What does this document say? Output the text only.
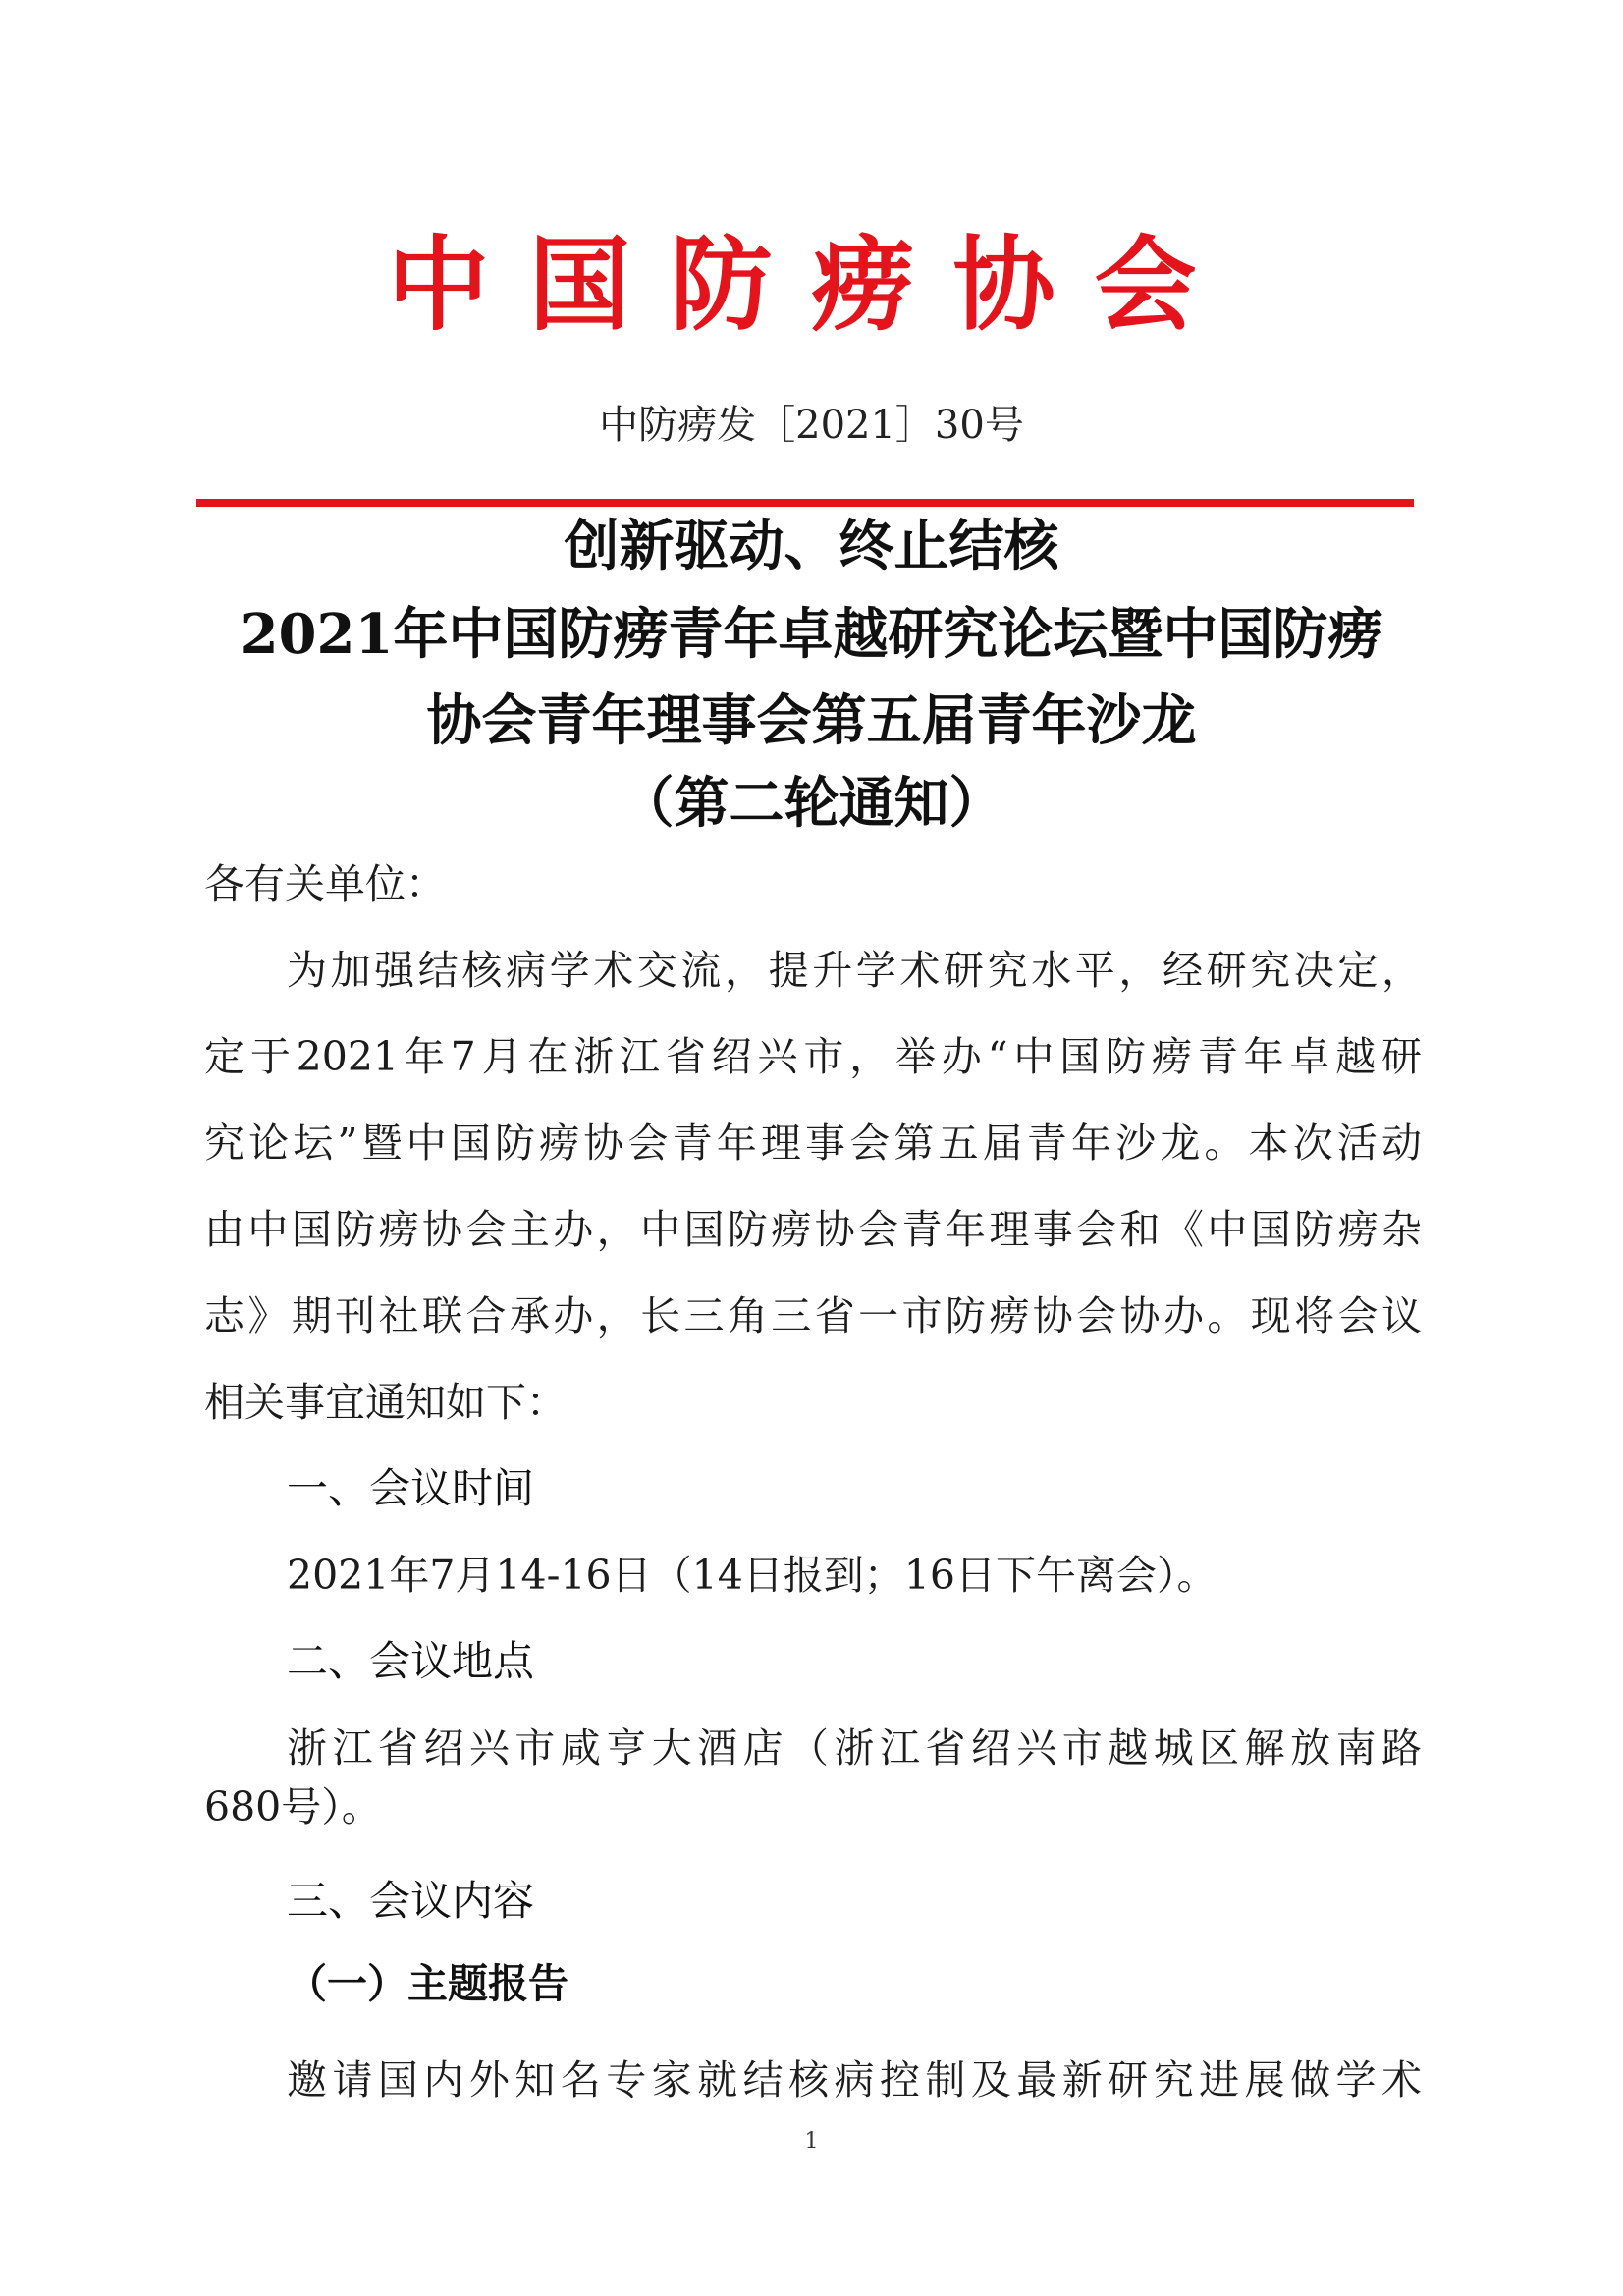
中国防痨协会
中防痨发［2021］30号
创新驱动、终止结核
2021年中国防痨青年卓越研究论坛暨中国防痨
协会青年理事会第五届青年沙龙
（第二轮通知）
各有关单位：
为加强结核病学术交流，提升学术研究水平，经研究决定，
定于2021年7月在浙江省绍兴市，举办“中国防痨青年卓越研
究论坛”暨中国防痨协会青年理事会第五届青年沙龙。本次活动
由中国防痨协会主办，中国防痨协会青年理事会和《中国防痨杂
志》期刊社联合承办，长三角三省一市防痨协会协办。现将会议
相关事宜通知如下：
一、会议时间
2021年7月14-16日（14日报到；16日下午离会）。
二、会议地点
浙江省绍兴市咸亨大酒店（浙江省绍兴市越城区解放南路
680号）。
三、会议内容
（一）主题报告
邀请国内外知名专家就结核病控制及最新研究进展做学术
1
